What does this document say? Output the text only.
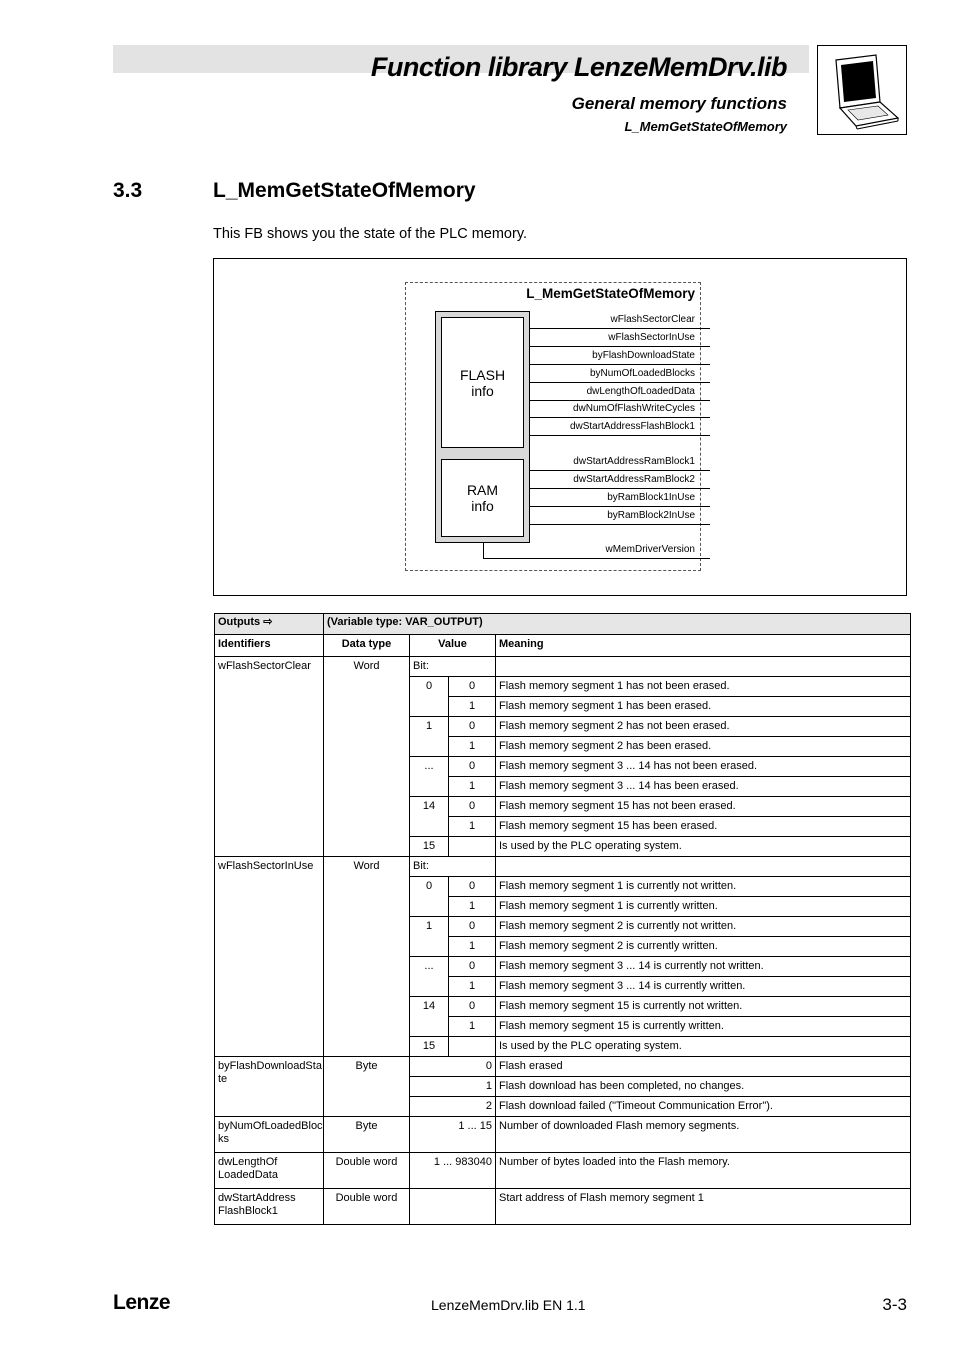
Function library LenzeMemDrv.lib
General memory functions
L_MemGetStateOfMemory
3.3	L_MemGetStateOfMemory
This FB shows you the state of the PLC memory.
L_MemGetStateOfMemory
FLASH
info
RAM
info
wFlashSectorClear
wFlashSectorInUse
byFlashDownloadState
byNumOfLoadedBlocks
dwLengthOfLoadedData
dwNumOfFlashWriteCycles
dwStartAddressFlashBlock1
dwStartAddressRamBlock1
dwStartAddressRamBlock2
byRamBlock1InUse
byRamBlock2InUse
wMemDriverVersion
Outputs ⇨	(Variable type: VAR_OUTPUT)			
Identifiers	Data type	Value		Meaning
wFlashSectorClear	Word	Bit:		
		0	0	Flash memory segment 1 has not been erased.
			1	Flash memory segment 1 has been erased.
		1	0	Flash memory segment 2 has not been erased.
			1	Flash memory segment 2 has been erased.
		...	0	Flash memory segment 3 ... 14 has not been erased.
			1	Flash memory segment 3 ... 14 has been erased.
		14	0	Flash memory segment 15 has not been erased.
			1	Flash memory segment 15 has been erased.
		15		Is used by the PLC operating system.
wFlashSectorInUse	Word	Bit:		
		0	0	Flash memory segment 1 is currently not written.
			1	Flash memory segment 1 is currently written.
		1	0	Flash memory segment 2 is currently not written.
			1	Flash memory segment 2 is currently written.
		...	0	Flash memory segment 3 ... 14 is currently not written.
			1	Flash memory segment 3 ... 14 is currently written.
		14	0	Flash memory segment 15 is currently not written.
			1	Flash memory segment 15 is currently written.
		15		Is used by the PLC operating system.
byFlashDownloadSta te	Byte	0		Flash erased
		1		Flash download has been completed, no changes.
		2		Flash download failed ("Timeout Communication Error").
byNumOfLoadedBloc ks	Byte	1 ... 15		Number of downloaded Flash memory segments.
dwLengthOf LoadedData	Double word	1 ... 983040		Number of bytes loaded into the Flash memory.
dwStartAddress FlashBlock1	Double word			Start address of Flash memory segment 1
Lenze	LenzeMemDrv.lib EN 1.1	3-3
